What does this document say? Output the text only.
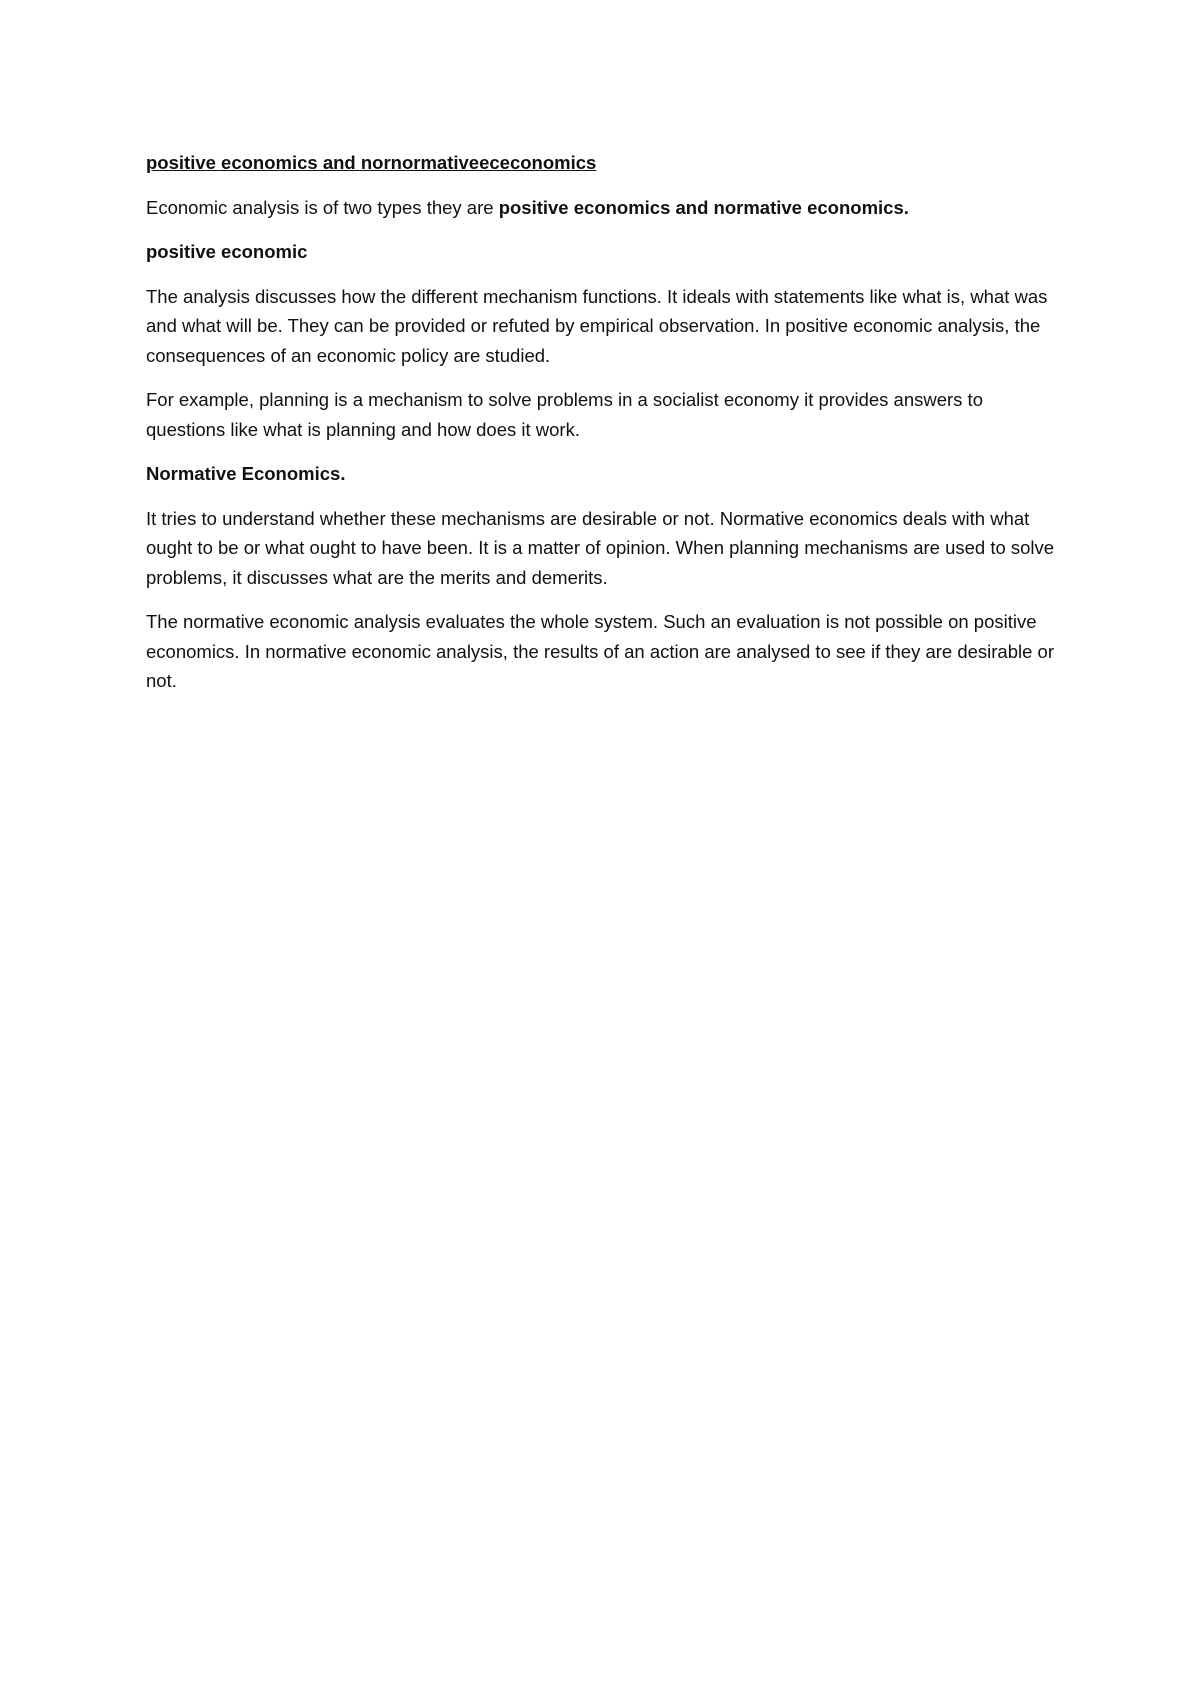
positive economics and nornormativeececonomics

Economic analysis is of two types they are positive economics and normative economics.

positive economic

The analysis discusses how the different mechanism functions. It ideals with statements like what is, what was and what will be. They can be provided or refuted by empirical observation. In positive economic analysis, the consequences of an economic policy are studied.

For example, planning is a mechanism to solve problems in a socialist economy it provides answers to questions like what is planning and how does it work.

Normative Economics.

It tries to understand whether these mechanisms are desirable or not. Normative economics deals with what ought to be or what ought to have been. It is a matter of opinion. When planning mechanisms are used to solve problems, it discusses what are the merits and demerits.

The normative economic analysis evaluates the whole system. Such an evaluation is not possible on positive economics. In normative economic analysis, the results of an action are analysed to see if they are desirable or not.
